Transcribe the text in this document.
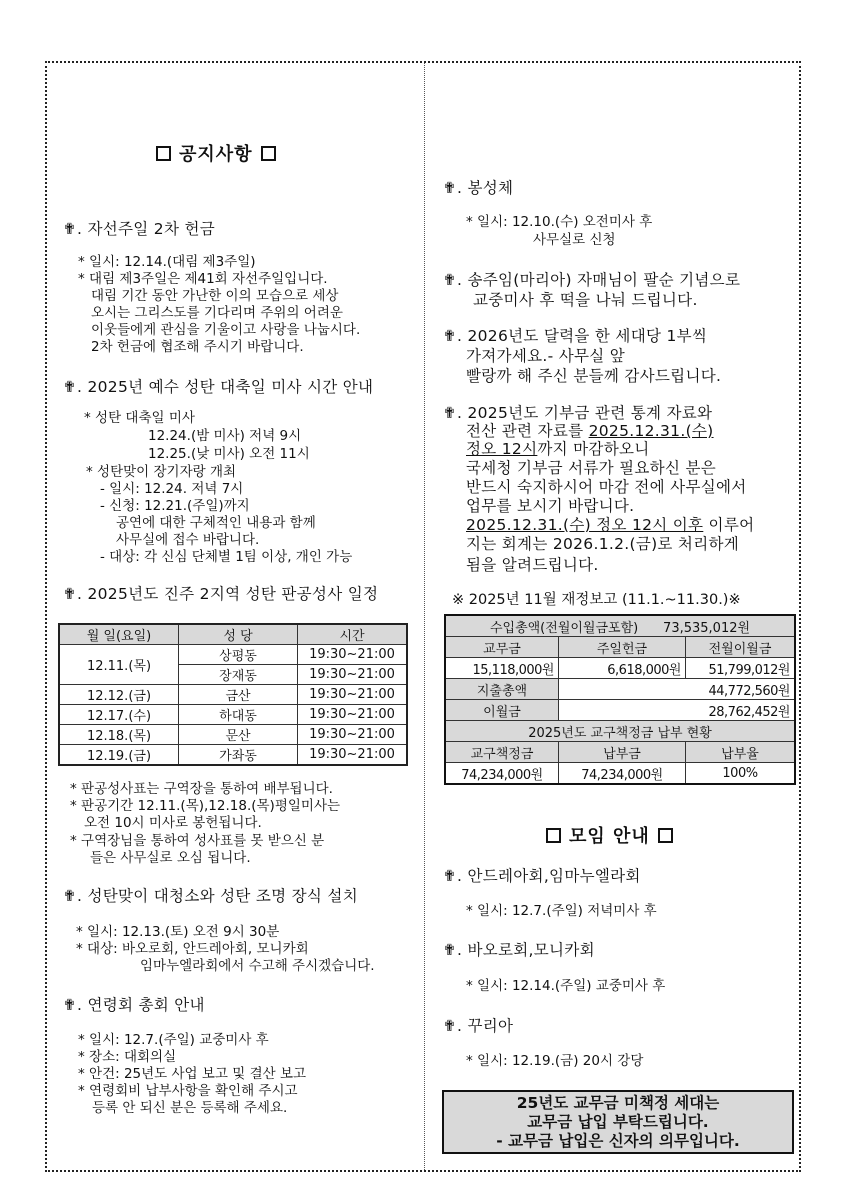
공지사항
✟. 자선주일 2차 헌금
* 일시: 12.14.(대림 제3주일)
* 대림 제3주일은 제41회 자선주일입니다.
대림 기간 동안 가난한 이의 모습으로 세상
오시는 그리스도를 기다리며 주위의 어려운
이웃들에게 관심을 기울이고 사랑을 나눕시다.
2차 헌금에 협조해 주시기 바랍니다.
✟. 2025년 예수 성탄 대축일 미사 시간 안내
* 성탄 대축일 미사
12.24.(밤 미사) 저녁 9시
12.25.(낮 미사) 오전 11시
* 성탄맞이 장기자랑 개최
- 일시: 12.24. 저녁 7시
- 신청: 12.21.(주일)까지
공연에 대한 구체적인 내용과 함께
사무실에 접수 바랍니다.
- 대상: 각 신심 단체별 1팀 이상, 개인 가능
✟. 2025년도 진주 2지역 성탄 판공성사 일정
월 일(요일)	성 당	시간
12.11.(목)	상평동	19:30~21:00
	장재동	19:30~21:00
12.12.(금)	금산	19:30~21:00
12.17.(수)	하대동	19:30~21:00
12.18.(목)	문산	19:30~21:00
12.19.(금)	가좌동	19:30~21:00
* 판공성사표는 구역장을 통하여 배부됩니다.
* 판공기간 12.11.(목),12.18.(목)평일미사는
오전 10시 미사로 봉헌됩니다.
* 구역장님을 통하여 성사표를 못 받으신 분
들은 사무실로 오심 됩니다.
✟. 성탄맞이 대청소와 성탄 조명 장식 설치
* 일시: 12.13.(토) 오전 9시 30분
* 대상: 바오로회, 안드레아회, 모니카회
임마누엘라회에서 수고해 주시겠습니다.
✟. 연령회 총회 안내
* 일시: 12.7.(주일) 교중미사 후
* 장소: 대회의실
* 안건: 25년도 사업 보고 및 결산 보고
* 연령회비 납부사항을 확인해 주시고
등록 안 되신 분은 등록해 주세요.
✟. 봉성체
* 일시: 12.10.(수) 오전미사 후
사무실로 신청
✟. 송주임(마리아) 자매님이 팔순 기념으로
교중미사 후 떡을 나눠 드립니다.
✟. 2026년도 달력을 한 세대당 1부씩
가져가세요.- 사무실 앞
빨랑까 해 주신 분들께 감사드립니다.
✟. 2025년도 기부금 관련 통계 자료와
전산 관련 자료를 2025.12.31.(수)
정오 12시까지 마감하오니
국세청 기부금 서류가 필요하신 분은
반드시 숙지하시어 마감 전에 사무실에서
업무를 보시기 바랍니다.
2025.12.31.(수) 정오 12시 이후 이루어
지는 회계는 2026.1.2.(금)로 처리하게
됨을 알려드립니다.
※ 2025년 11월 재정보고 (11.1.~11.30.)※
수입총액(전월이월금포함) 73,535,012원		
교무금	주일헌금	전월이월금
15,118,000원	6,618,000원	51,799,012원
지출총액	44,772,560원	
이월금	28,762,452원	
2025년도 교구책정금 납부 현황		
교구책정금	납부금	납부율
74,234,000원	74,234,000원	100%
모임 안내
✟. 안드레아회,임마누엘라회
* 일시: 12.7.(주일) 저녁미사 후
✟. 바오로회,모니카회
* 일시: 12.14.(주일) 교중미사 후
✟. 꾸리아
* 일시: 12.19.(금) 20시 강당
25년도 교무금 미책정 세대는
교무금 납입 부탁드립니다.
- 교무금 납입은 신자의 의무입니다.
